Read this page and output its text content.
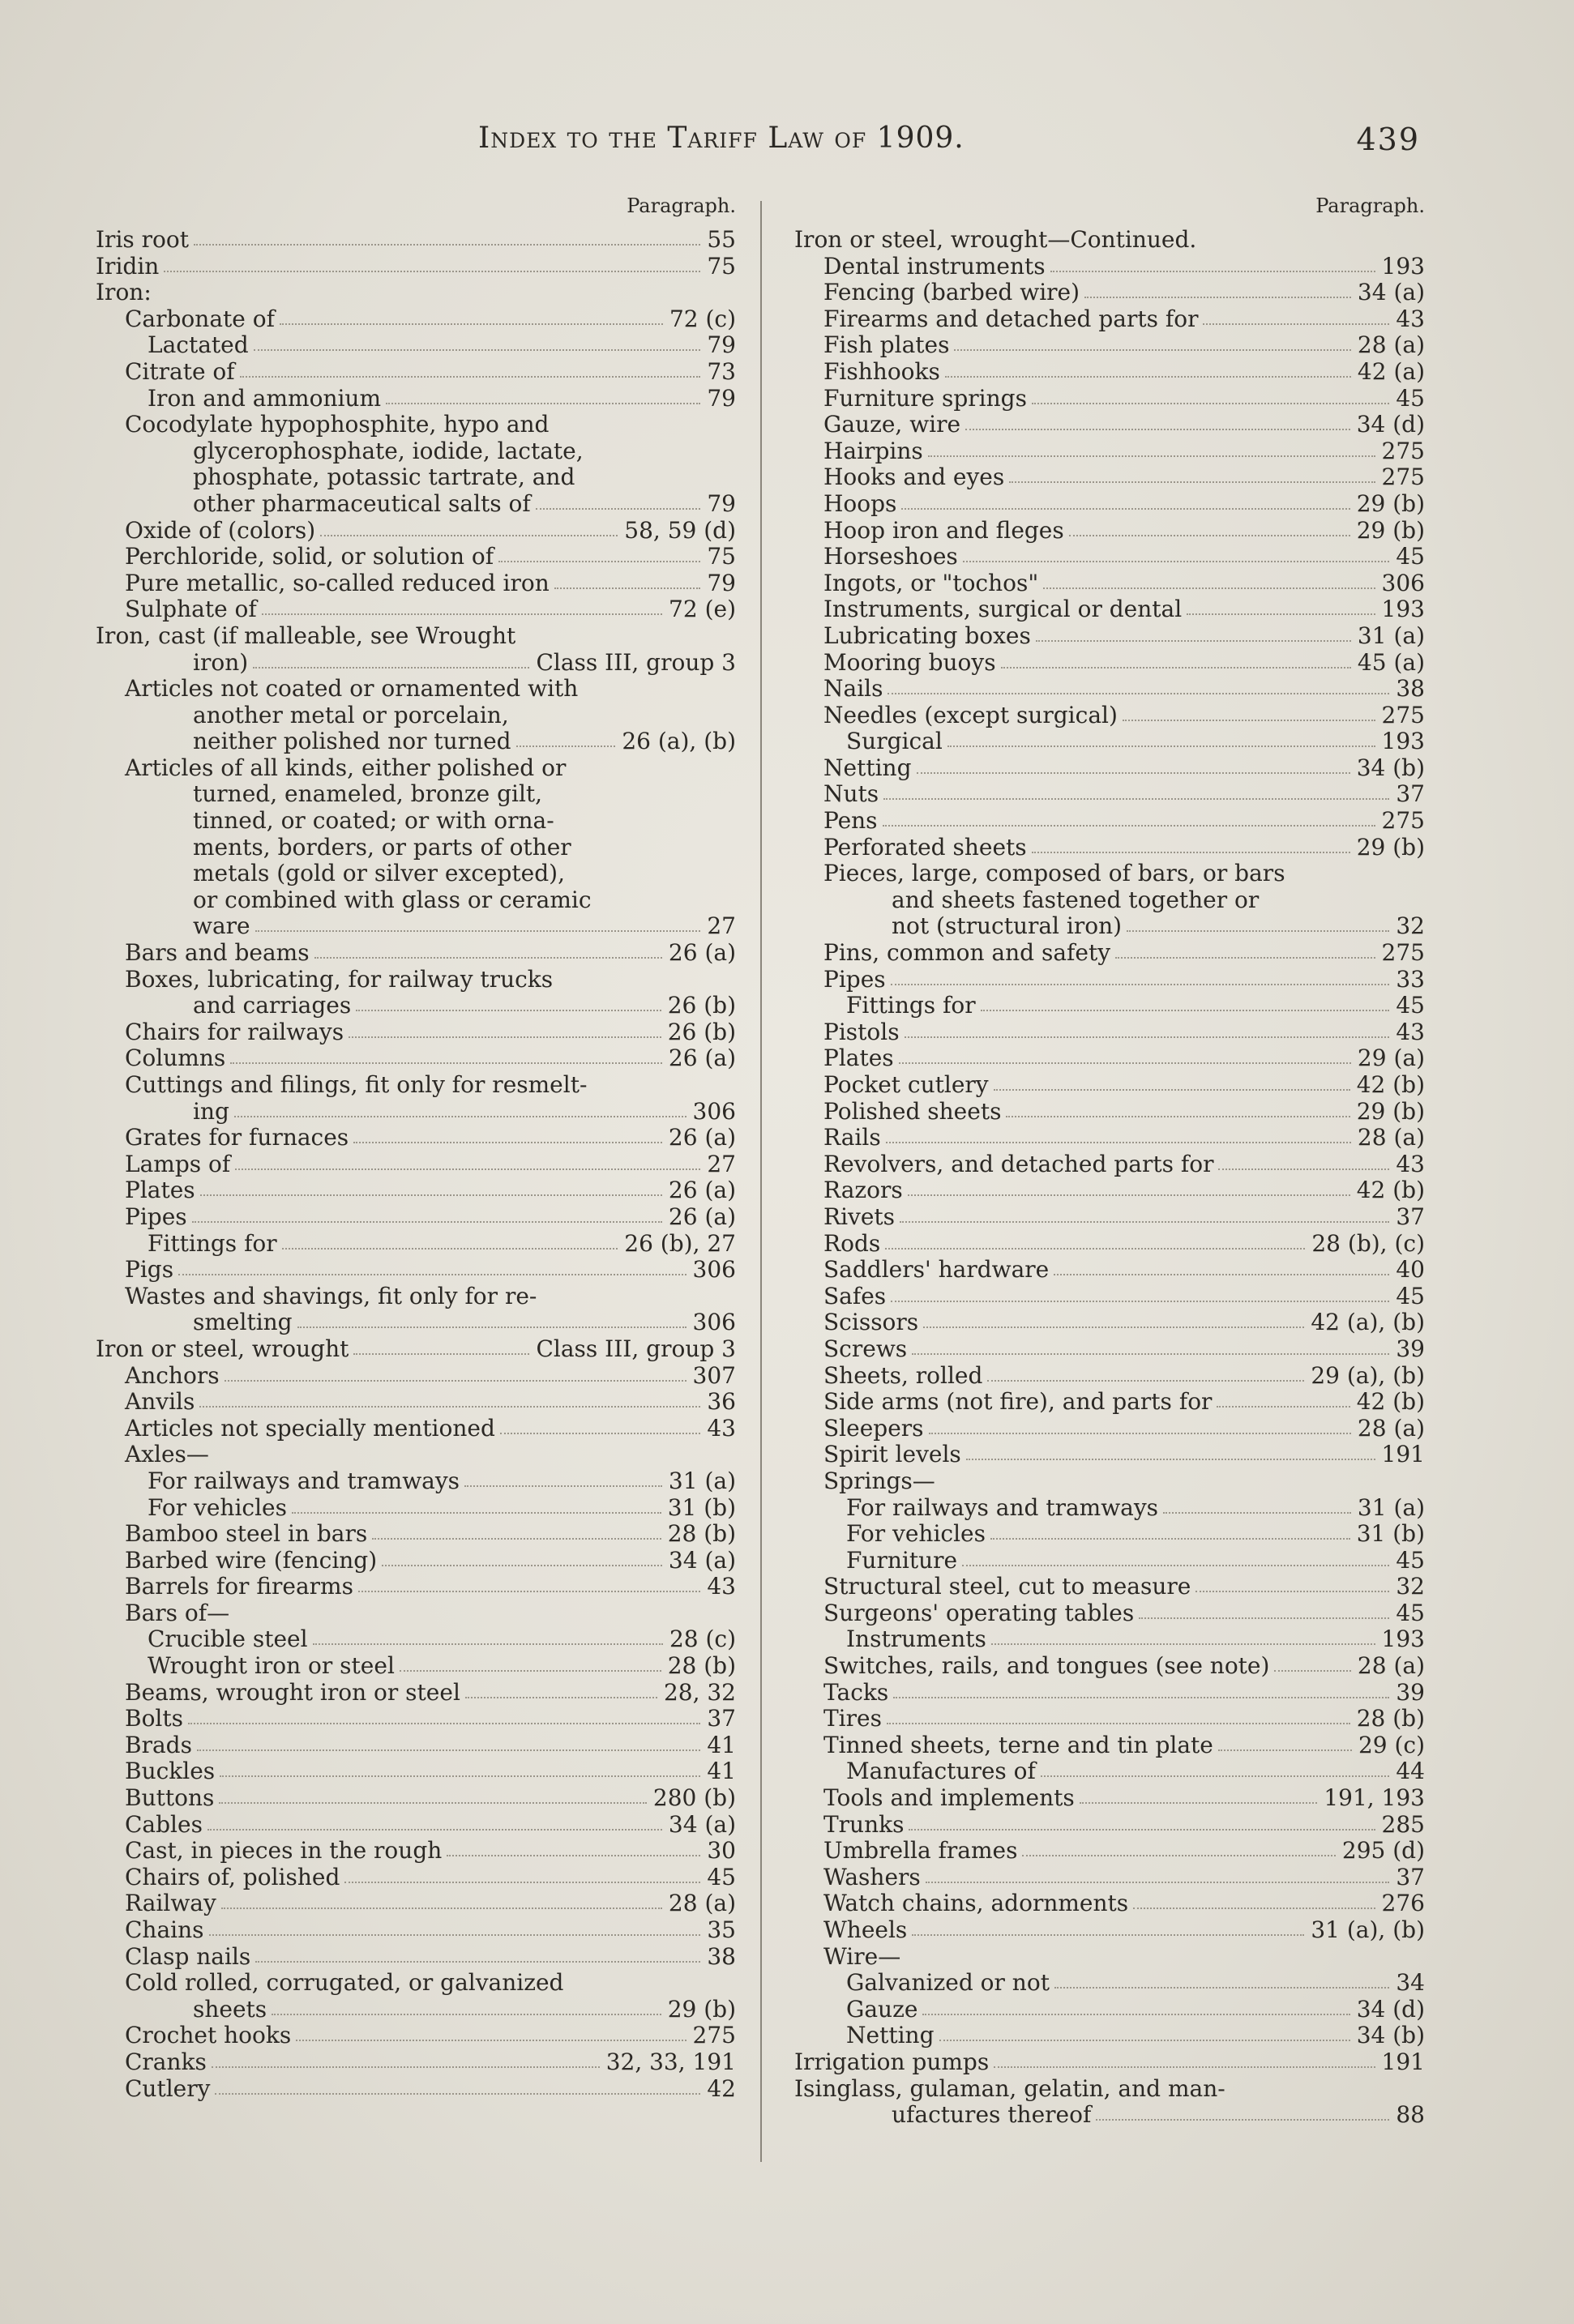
Index to the Tariff Law of 1909.	439
Paragraph.
Iris root	55
Iridin	75
Iron:
Carbonate of	72 (c)
Lactated	79
Citrate of	73
Iron and ammonium	79
Cocodylate hypophosphite, hypo and
glycerophosphate, iodide, lactate,
phosphate, potassic tartrate, and
other pharmaceutical salts of	79
Oxide of (colors)	58, 59 (d)
Perchloride, solid, or solution of	75
Pure metallic, so-called reduced iron	79
Sulphate of	72 (e)
Iron, cast (if malleable, see Wrought
iron)	Class III, group 3
Articles not coated or ornamented with
another metal or porcelain,
neither polished nor turned	26 (a), (b)
Articles of all kinds, either polished or
turned, enameled, bronze gilt,
tinned, or coated; or with orna-
ments, borders, or parts of other
metals (gold or silver excepted),
or combined with glass or ceramic
ware	27
Bars and beams	26 (a)
Boxes, lubricating, for railway trucks
and carriages	26 (b)
Chairs for railways	26 (b)
Columns	26 (a)
Cuttings and filings, fit only for resmelt-
ing	306
Grates for furnaces	26 (a)
Lamps of	27
Plates	26 (a)
Pipes	26 (a)
Fittings for	26 (b), 27
Pigs	306
Wastes and shavings, fit only for re-
smelting	306
Iron or steel, wrought	Class III, group 3
Anchors	307
Anvils	36
Articles not specially mentioned	43
Axles—
For railways and tramways	31 (a)
For vehicles	31 (b)
Bamboo steel in bars	28 (b)
Barbed wire (fencing)	34 (a)
Barrels for firearms	43
Bars of—
Crucible steel	28 (c)
Wrought iron or steel	28 (b)
Beams, wrought iron or steel	28, 32
Bolts	37
Brads	41
Buckles	41
Buttons	280 (b)
Cables	34 (a)
Cast, in pieces in the rough	30
Chairs of, polished	45
Railway	28 (a)
Chains	35
Clasp nails	38
Cold rolled, corrugated, or galvanized
sheets	29 (b)
Crochet hooks	275
Cranks	32, 33, 191
Cutlery	42
Paragraph.
Iron or steel, wrought—Continued.
Dental instruments	193
Fencing (barbed wire)	34 (a)
Firearms and detached parts for	43
Fish plates	28 (a)
Fishhooks	42 (a)
Furniture springs	45
Gauze, wire	34 (d)
Hairpins	275
Hooks and eyes	275
Hoops	29 (b)
Hoop iron and fleges	29 (b)
Horseshoes	45
Ingots, or "tochos"	306
Instruments, surgical or dental	193
Lubricating boxes	31 (a)
Mooring buoys	45 (a)
Nails	38
Needles (except surgical)	275
Surgical	193
Netting	34 (b)
Nuts	37
Pens	275
Perforated sheets	29 (b)
Pieces, large, composed of bars, or bars
and sheets fastened together or
not (structural iron)	32
Pins, common and safety	275
Pipes	33
Fittings for	45
Pistols	43
Plates	29 (a)
Pocket cutlery	42 (b)
Polished sheets	29 (b)
Rails	28 (a)
Revolvers, and detached parts for	43
Razors	42 (b)
Rivets	37
Rods	28 (b), (c)
Saddlers' hardware	40
Safes	45
Scissors	42 (a), (b)
Screws	39
Sheets, rolled	29 (a), (b)
Side arms (not fire), and parts for	42 (b)
Sleepers	28 (a)
Spirit levels	191
Springs—
For railways and tramways	31 (a)
For vehicles	31 (b)
Furniture	45
Structural steel, cut to measure	32
Surgeons' operating tables	45
Instruments	193
Switches, rails, and tongues (see note)	28 (a)
Tacks	39
Tires	28 (b)
Tinned sheets, terne and tin plate	29 (c)
Manufactures of	44
Tools and implements	191, 193
Trunks	285
Umbrella frames	295 (d)
Washers	37
Watch chains, adornments	276
Wheels	31 (a), (b)
Wire—
Galvanized or not	34
Gauze	34 (d)
Netting	34 (b)
Irrigation pumps	191
Isinglass, gulaman, gelatin, and man-
ufactures thereof	88
